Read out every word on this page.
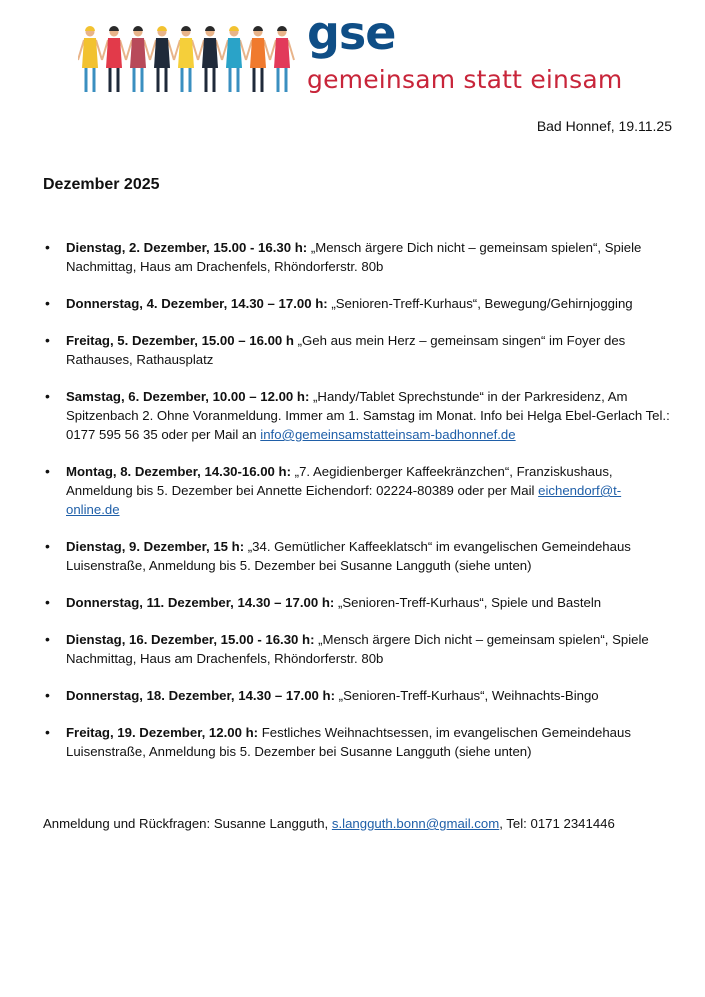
gse
gemeinsam statt einsam
Bad Honnef, 19.11.25
Dezember 2025
• Dienstag, 2. Dezember, 15.00 - 16.30 h: „Mensch ärgere Dich nicht – gemeinsam spielen“, Spiele Nachmittag, Haus am Drachenfels, Rhöndorferstr. 80b
• Donnerstag, 4. Dezember, 14.30 – 17.00 h: „Senioren-Treff-Kurhaus“, Bewegung/Gehirnjogging
• Freitag, 5. Dezember, 15.00 – 16.00 h „Geh aus mein Herz – gemeinsam singen“ im Foyer des Rathauses, Rathausplatz
• Samstag, 6. Dezember, 10.00 – 12.00 h: „Handy/Tablet Sprechstunde“ in der Parkresidenz, Am Spitzenbach 2. Ohne Voranmeldung. Immer am 1. Samstag im Monat. Info bei Helga Ebel-Gerlach Tel.: 0177 595 56 35 oder per Mail an info@gemeinsamstatteinsam-badhonnef.de
• Montag, 8. Dezember, 14.30-16.00 h: „7. Aegidienberger Kaffeekränzchen“, Franziskushaus, Anmeldung bis 5. Dezember bei Annette Eichendorf: 02224-80389 oder per Mail eichendorf@t-online.de
• Dienstag, 9. Dezember, 15 h: „34. Gemütlicher Kaffeeklatsch“ im evangelischen Gemeindehaus Luisenstraße, Anmeldung bis 5. Dezember bei Susanne Langguth (siehe unten)
• Donnerstag, 11. Dezember, 14.30 – 17.00 h: „Senioren-Treff-Kurhaus“, Spiele und Basteln
• Dienstag, 16. Dezember, 15.00 - 16.30 h: „Mensch ärgere Dich nicht – gemeinsam spielen“, Spiele Nachmittag, Haus am Drachenfels, Rhöndorferstr. 80b
• Donnerstag, 18. Dezember, 14.30 – 17.00 h: „Senioren-Treff-Kurhaus“, Weihnachts-Bingo
• Freitag, 19. Dezember, 12.00 h: Festliches Weihnachtsessen, im evangelischen Gemeindehaus Luisenstraße, Anmeldung bis 5. Dezember bei Susanne Langguth (siehe unten)
Anmeldung und Rückfragen: Susanne Langguth, s.langguth.bonn@gmail.com, Tel: 0171 2341446
